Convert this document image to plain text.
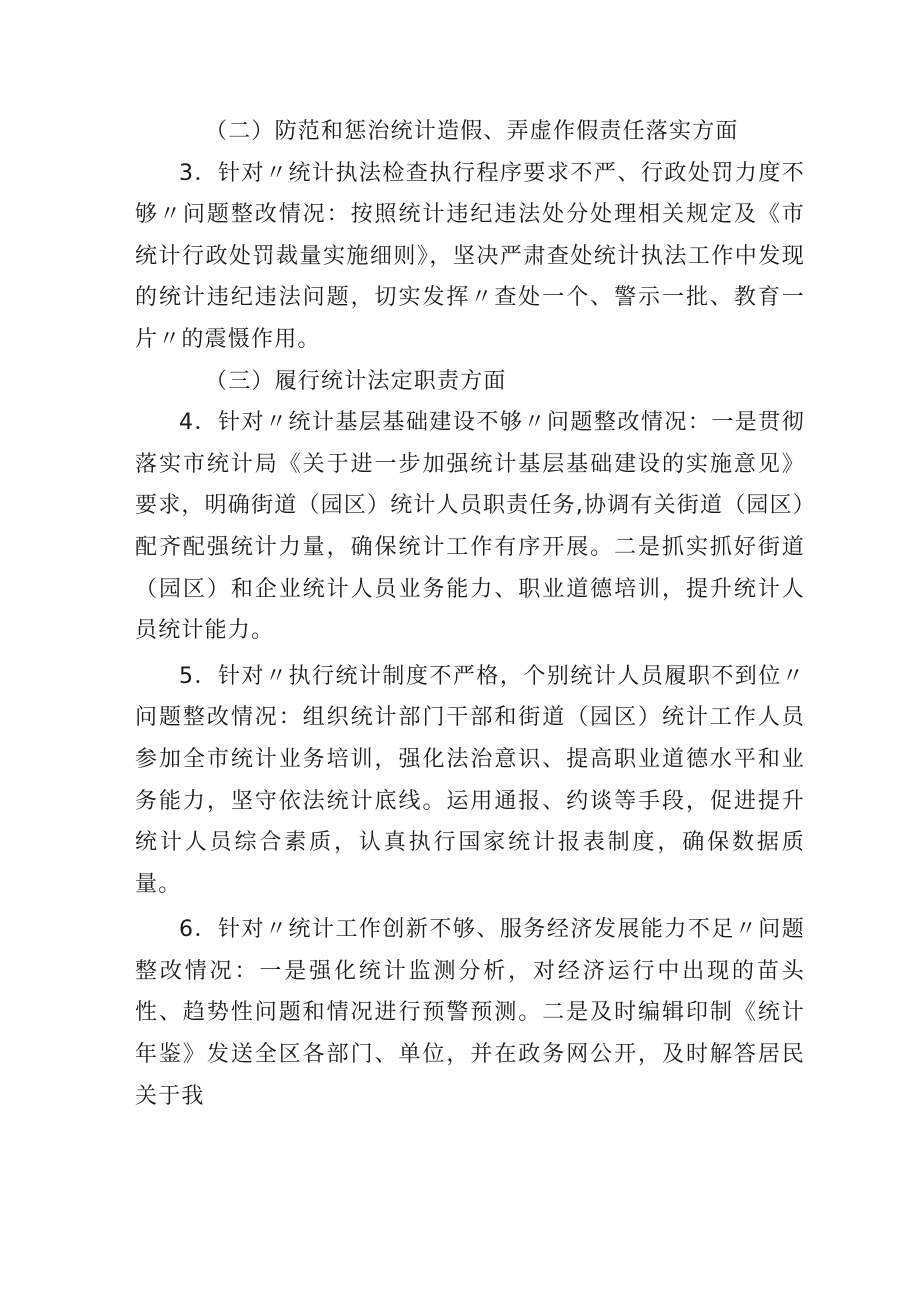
（二）防范和惩治统计造假、弄虚作假责任落实方面

3．针对〃统计执法检查执行程序要求不严、行政处罚力度不够〃问题整改情况：按照统计违纪违法处分处理相关规定及《市统计行政处罚裁量实施细则》，坚决严肃查处统计执法工作中发现的统计违纪违法问题，切实发挥〃查处一个、警示一批、教育一片〃的震慑作用。

（三）履行统计法定职责方面

4．针对〃统计基层基础建设不够〃问题整改情况：一是贯彻落实市统计局《关于进一步加强统计基层基础建设的实施意见》要求，明确街道（园区）统计人员职责任务,协调有关街道（园区）配齐配强统计力量，确保统计工作有序开展。二是抓实抓好街道（园区）和企业统计人员业务能力、职业道德培训，提升统计人员统计能力。

5．针对〃执行统计制度不严格，个别统计人员履职不到位〃问题整改情况：组织统计部门干部和街道（园区）统计工作人员参加全市统计业务培训，强化法治意识、提高职业道德水平和业务能力，坚守依法统计底线。运用通报、约谈等手段，促进提升统计人员综合素质，认真执行国家统计报表制度，确保数据质量。

6．针对〃统计工作创新不够、服务经济发展能力不足〃问题整改情况：一是强化统计监测分析，对经济运行中出现的苗头性、趋势性问题和情况进行预警预测。二是及时编辑印制《统计年鉴》发送全区各部门、单位，并在政务网公开，及时解答居民关于我
